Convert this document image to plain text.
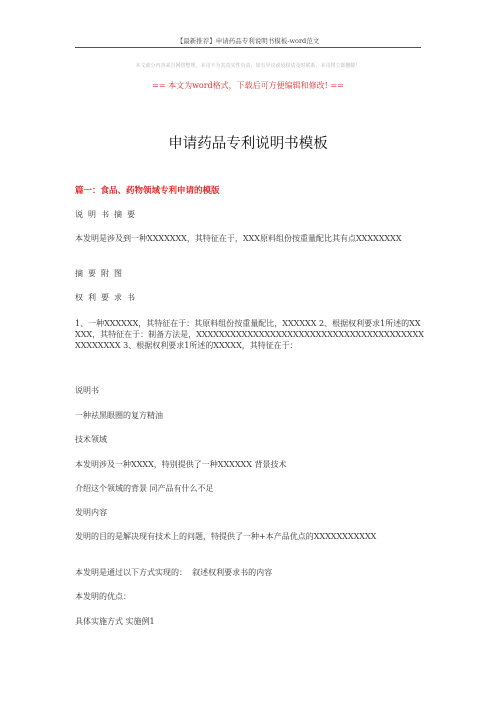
【最新推荐】申请药品专利说明书模板-word范文
本文部分内容来自网络整理，本司不为其真实性负责，如有异议或侵权请及时联系，本司将立即删除！
== 本文为word格式，下载后可方便编辑和修改! ==
申请药品专利说明书模板
篇一：食品、药物领域专利申请的模版
说明书摘要
本发明是涉及到一种XXXXXXX，其特征在于，XXX原料组份按重量配比其有点XXXXXXXX
摘要附图
权利要求书
1、一种XXXXXX，其特征在于：其原料组份按重量配比，XXXXXX 2、根据权利要求1所述的XXXXX，其特征在于：制备方法是，XXXXXXXXXXXXXXXXXXXXXXXXXXXXXXXXXXXXXXXXXXXXXXXX 3、根据权利要求1所述的XXXXX，其特征在于：
说明书
一种祛黑眼圈的复方精油
技术领域
本发明涉及一种XXXX，特别提供了一种XXXXXX 背景技术
介绍这个领域的背景 同产品有什么不足
发明内容
发明的目的是解决现有技术上的问题，特提供了一种+本产品优点的XXXXXXXXXXX
本发明是通过以下方式实现的：  叙述权利要求书的内容
本发明的优点：
具体实施方式 实施例1
